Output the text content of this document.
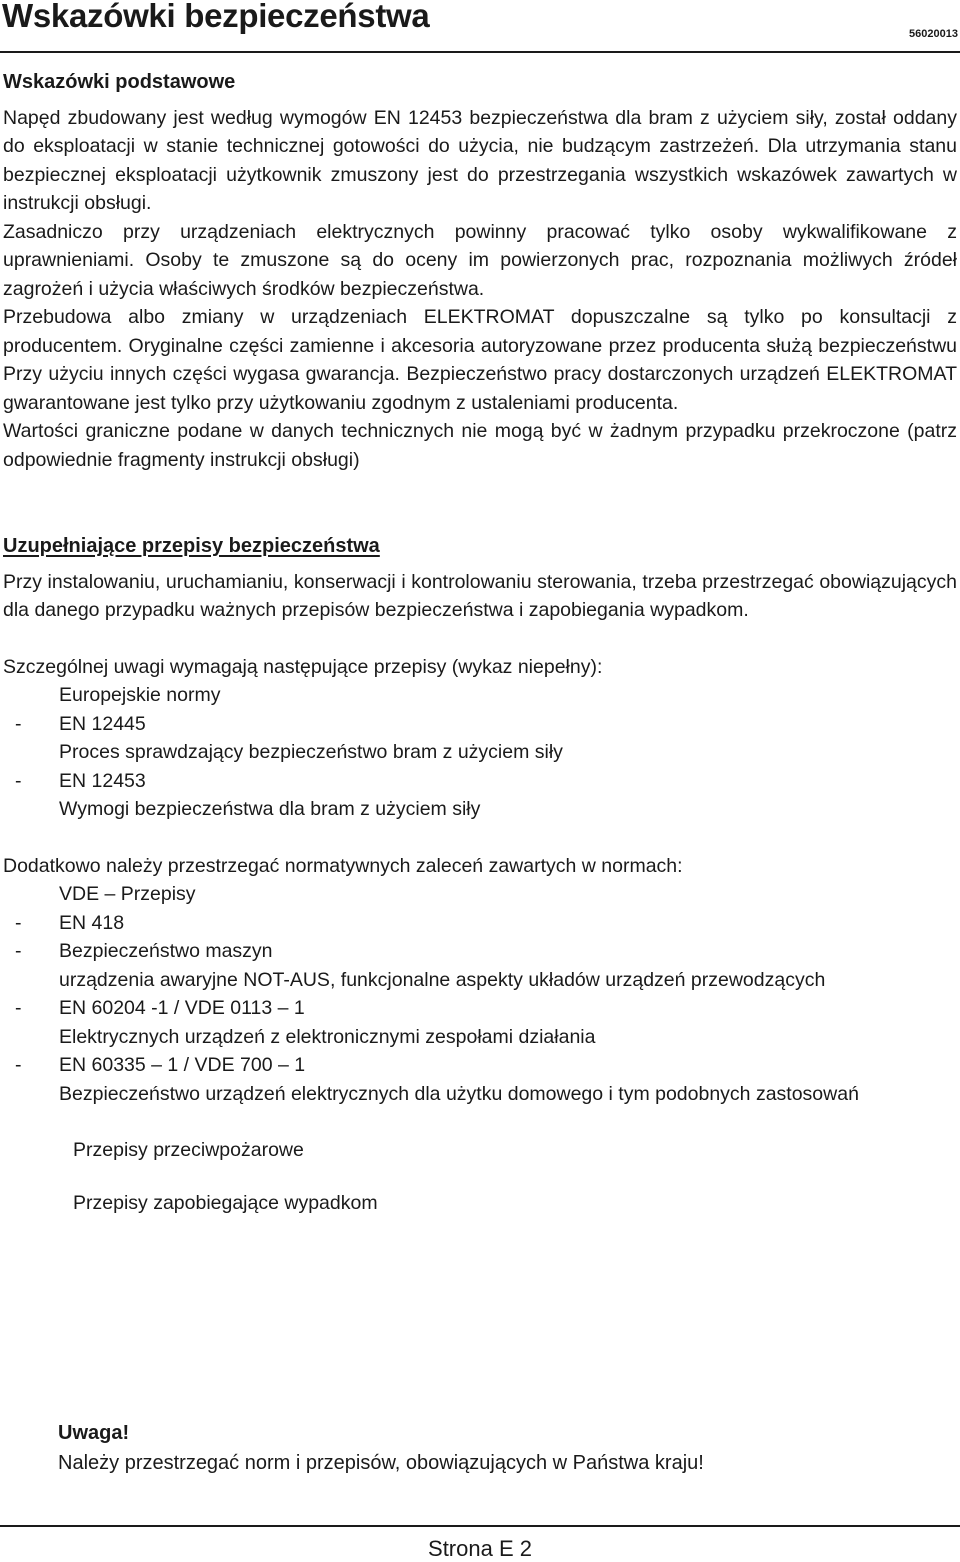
Wskazówki bezpieczeństwa	56020013
Wskazówki podstawowe

Napęd zbudowany jest według wymogów EN 12453 bezpieczeństwa dla bram z użyciem siły, został oddany do eksploatacji w stanie technicznej gotowości do użycia, nie budzącym zastrzeżeń. Dla utrzymania stanu bezpiecznej eksploatacji użytkownik zmuszony jest do przestrzegania wszystkich wskazówek zawartych w instrukcji obsługi.

Zasadniczo przy urządzeniach elektrycznych powinny pracować tylko osoby wykwalifikowane z uprawnieniami. Osoby te zmuszone są do oceny im powierzonych prac, rozpoznania możliwych źródeł zagrożeń i użycia właściwych środków bezpieczeństwa.

Przebudowa albo zmiany w urządzeniach ELEKTROMAT dopuszczalne są tylko po konsultacji z producentem. Oryginalne części zamienne i akcesoria autoryzowane przez producenta służą bezpieczeństwu Przy użyciu innych części wygasa gwarancja. Bezpieczeństwo pracy dostarczonych urządzeń ELEKTROMAT gwarantowane jest tylko przy użytkowaniu zgodnym z ustaleniami producenta.

Wartości graniczne podane w danych technicznych nie mogą być w żadnym przypadku przekroczone (patrz odpowiednie fragmenty instrukcji obsługi)

Uzupełniające przepisy bezpieczeństwa

Przy instalowaniu, uruchamianiu, konserwacji i kontrolowaniu sterowania, trzeba przestrzegać obowiązujących dla danego przypadku ważnych przepisów bezpieczeństwa i zapobiegania wypadkom.

Szczególnej uwagi wymagają następujące przepisy (wykaz niepełny):

Europejskie normy
-	EN 12445
Proces sprawdzający bezpieczeństwo bram z użyciem siły
-	EN 12453
Wymogi bezpieczeństwa dla bram z użyciem siły

Dodatkowo należy przestrzegać normatywnych zaleceń zawartych w normach:

VDE – Przepisy
-	EN 418
-	Bezpieczeństwo maszyn
urządzenia awaryjne NOT-AUS, funkcjonalne aspekty układów urządzeń przewodzących
-	EN 60204 -1 / VDE 0113 – 1
Elektrycznych urządzeń z elektronicznymi zespołami działania
-	EN 60335 – 1 / VDE 700 – 1
Bezpieczeństwo urządzeń elektrycznych dla użytku domowego i tym podobnych zastosowań
Przepisy przeciwpożarowe
Przepisy zapobiegające wypadkom
Uwaga!
Należy przestrzegać norm i przepisów, obowiązujących w Państwa kraju!
Strona E 2
